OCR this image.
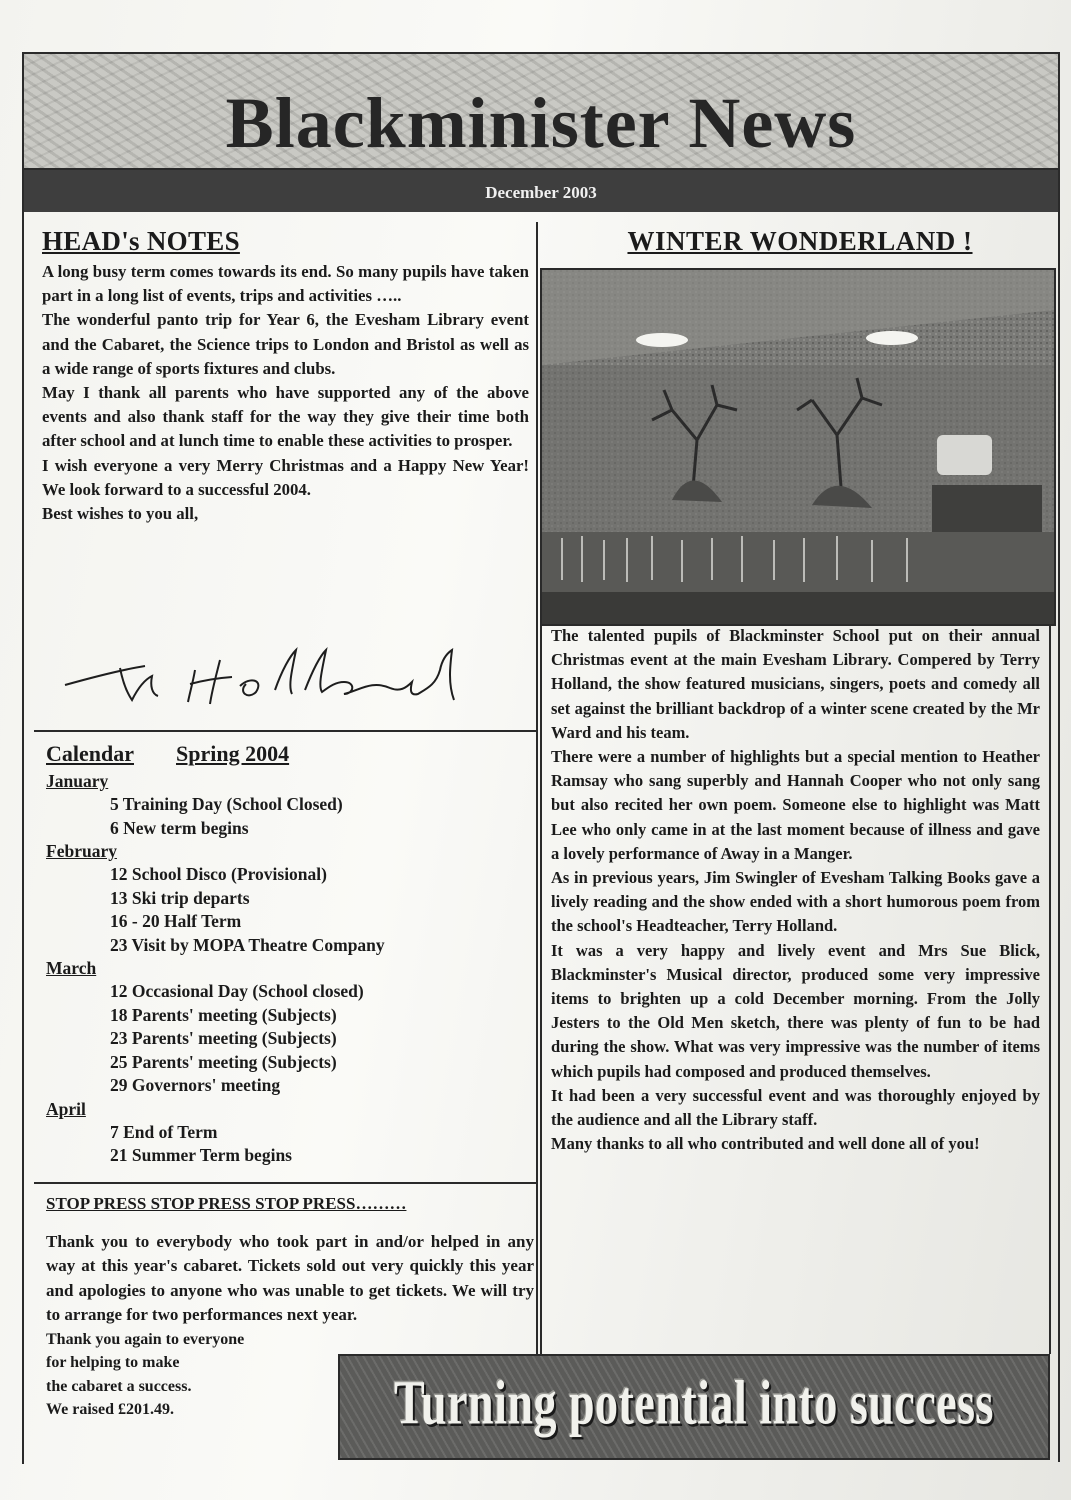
Blackminister News
December 2003
HEAD's NOTES

A long busy term comes towards its end. So many pupils have taken part in a long list of events, trips and activities …..

The wonderful panto trip for Year 6, the Evesham Library event and the Cabaret, the Science trips to London and Bristol as well as a wide range of sports fixtures and clubs.

May I thank all parents who have supported any of the above events and also thank staff for the way they give their time both after school and at lunch time to enable these activities to prosper.

I wish everyone a very Merry Christmas and a Happy New Year! We look forward to a successful 2004.

Best wishes to you all,

T. Holland
Calendar Spring 2004
January
5 Training Day (School Closed)
6 New term begins
February
12 School Disco (Provisional)
13 Ski trip departs
16 - 20 Half Term
23 Visit by MOPA Theatre Company
March
12 Occasional Day (School closed)
18 Parents' meeting (Subjects)
23 Parents' meeting (Subjects)
25 Parents' meeting (Subjects)
29 Governors' meeting
April
7 End of Term
21 Summer Term begins
STOP PRESS STOP PRESS STOP PRESS………
Thank you to everybody who took part in and/or helped in any way at this year's cabaret. Tickets sold out very quickly this year and apologies to anyone who was unable to get tickets. We will try to arrange for two performances next year.
Thank you again to everyone
for helping to make
the cabaret a success.
We raised £201.49.
WINTER WONDERLAND !

The talented pupils of Blackminster School put on their annual Christmas event at the main Evesham Library. Compered by Terry Holland, the show featured musicians, singers, poets and comedy all set against the brilliant backdrop of a winter scene created by the Mr Ward and his team.

There were a number of highlights but a special mention to Heather Ramsay who sang superbly and Hannah Cooper who not only sang but also recited her own poem. Someone else to highlight was Matt Lee who only came in at the last moment because of illness and gave a lovely performance of Away in a Manger.

As in previous years, Jim Swingler of Evesham Talking Books gave a lively reading and the show ended with a short humorous poem from the school's Headteacher, Terry Holland.

It was a very happy and lively event and Mrs Sue Blick, Blackminster's Musical director, produced some very impressive items to brighten up a cold December morning. From the Jolly Jesters to the Old Men sketch, there was plenty of fun to be had during the show. What was very impressive was the number of items which pupils had composed and produced themselves.

It had been a very successful event and was thoroughly enjoyed by the audience and all the Library staff.

Many thanks to all who contributed and well done all of you!

Turning potential into success
